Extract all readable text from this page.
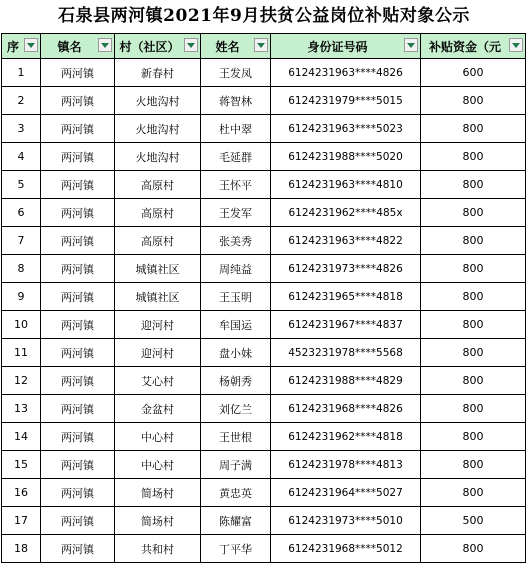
石泉县两河镇2021年9月扶贫公益岗位补贴对象公示
序	镇名	村（社区）	姓名	身份证号码	补贴资金（元

1	两河镇	新春村	王发凤	6124231963****4826	600
2	两河镇	火地沟村	蒋智林	6124231979****5015	800
3	两河镇	火地沟村	杜中翠	6124231963****5023	800
4	两河镇	火地沟村	毛延群	6124231988****5020	800
5	两河镇	高原村	王怀平	6124231963****4810	800
6	两河镇	高原村	王发军	6124231962****485x	800
7	两河镇	高原村	张美秀	6124231963****4822	800
8	两河镇	城镇社区	周纯益	6124231973****4826	800
9	两河镇	城镇社区	王玉明	6124231965****4818	800
10	两河镇	迎河村	牟国运	6124231967****4837	800
11	两河镇	迎河村	盘小妹	4523231978****5568	800
12	两河镇	艾心村	杨朝秀	6124231988****4829	800
13	两河镇	金盆村	刘亿兰	6124231968****4826	800
14	两河镇	中心村	王世根	6124231962****4818	800
15	两河镇	中心村	周子满	6124231978****4813	800
16	两河镇	简场村	黄忠英	6124231964****5027	800
17	两河镇	简场村	陈耀富	6124231973****5010	500
18	两河镇	共和村	丁平华	6124231968****5012	800
